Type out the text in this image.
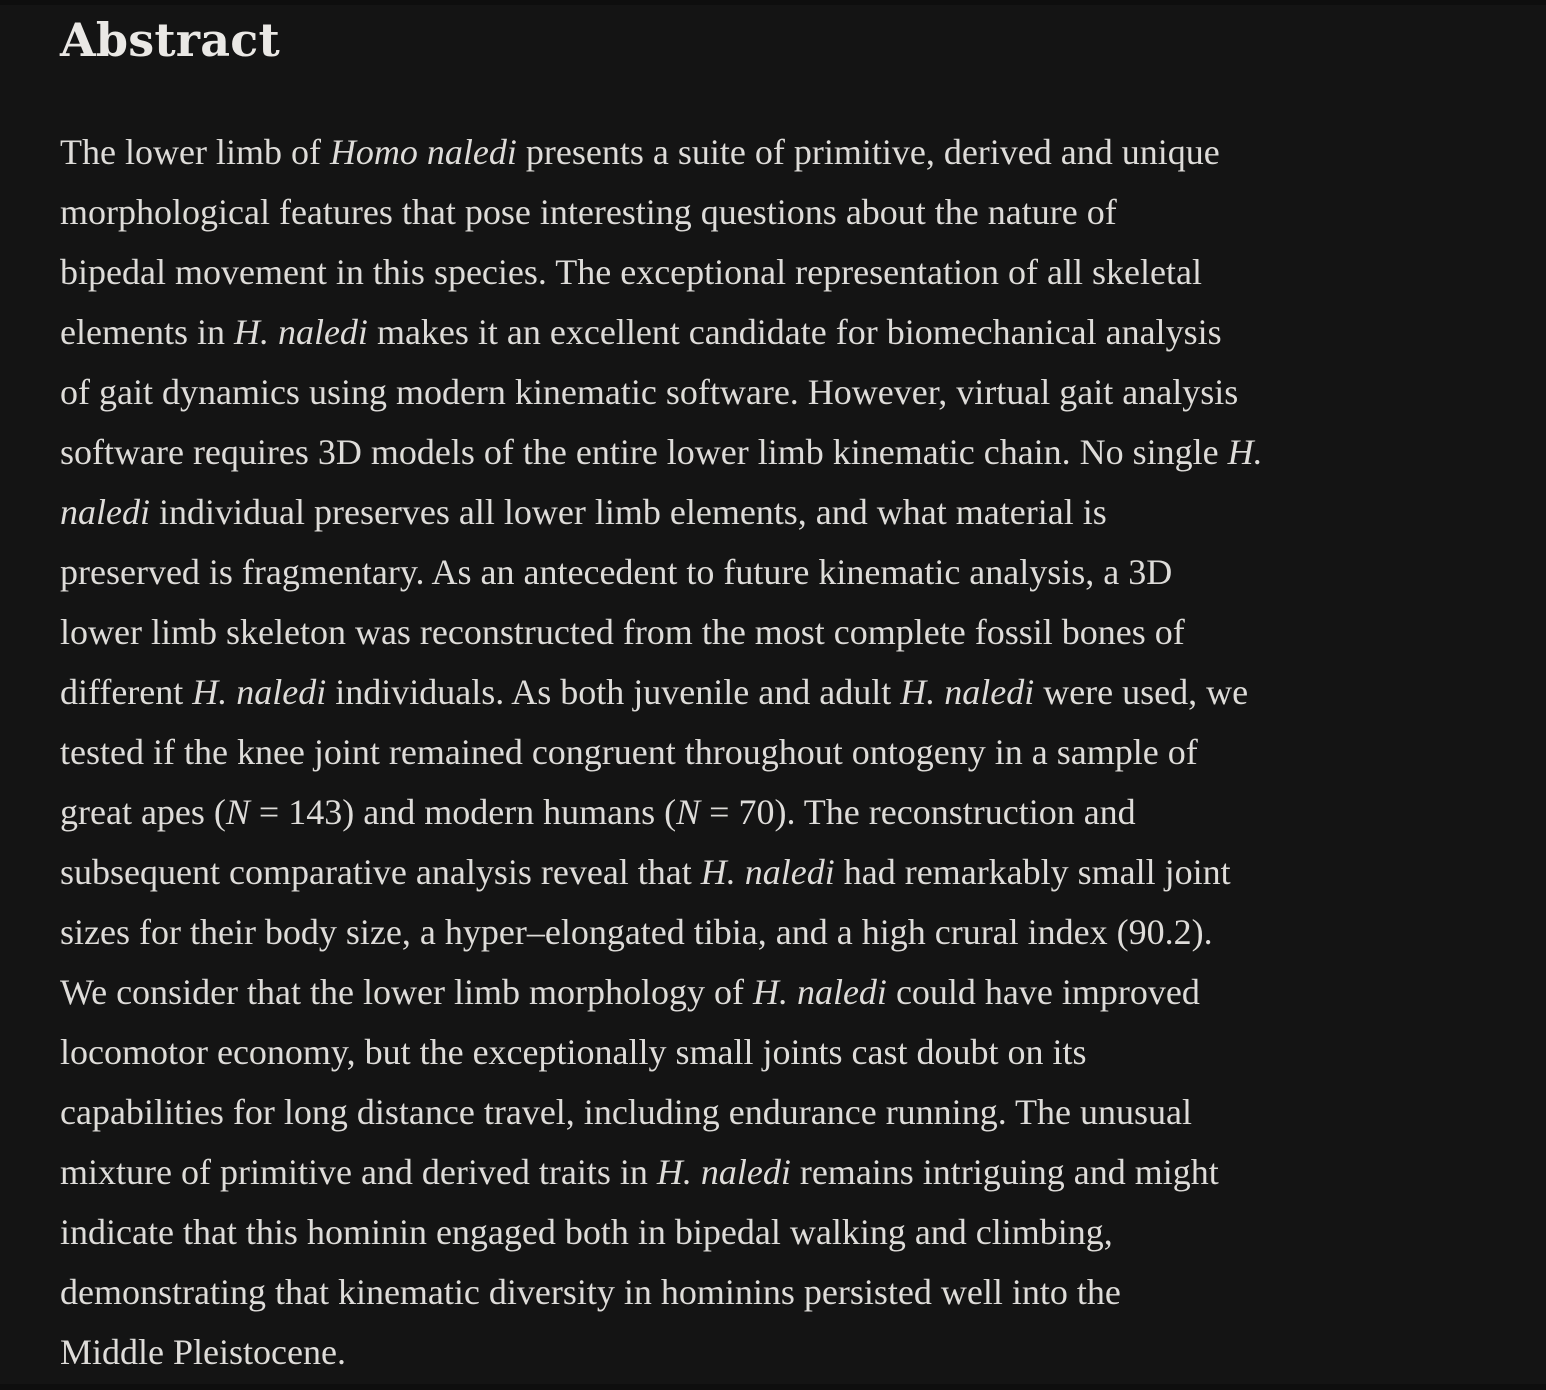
Abstract
The lower limb of Homo naledi presents a suite of primitive, derived and unique
morphological features that pose interesting questions about the nature of
bipedal movement in this species. The exceptional representation of all skeletal
elements in H. naledi makes it an excellent candidate for biomechanical analysis
of gait dynamics using modern kinematic software. However, virtual gait analysis
software requires 3D models of the entire lower limb kinematic chain. No single H.
naledi individual preserves all lower limb elements, and what material is
preserved is fragmentary. As an antecedent to future kinematic analysis, a 3D
lower limb skeleton was reconstructed from the most complete fossil bones of
different H. naledi individuals. As both juvenile and adult H. naledi were used, we
tested if the knee joint remained congruent throughout ontogeny in a sample of
great apes (N = 143) and modern humans (N = 70). The reconstruction and
subsequent comparative analysis reveal that H. naledi had remarkably small joint
sizes for their body size, a hyper–elongated tibia, and a high crural index (90.2).
We consider that the lower limb morphology of H. naledi could have improved
locomotor economy, but the exceptionally small joints cast doubt on its
capabilities for long distance travel, including endurance running. The unusual
mixture of primitive and derived traits in H. naledi remains intriguing and might
indicate that this hominin engaged both in bipedal walking and climbing,
demonstrating that kinematic diversity in hominins persisted well into the
Middle Pleistocene.
